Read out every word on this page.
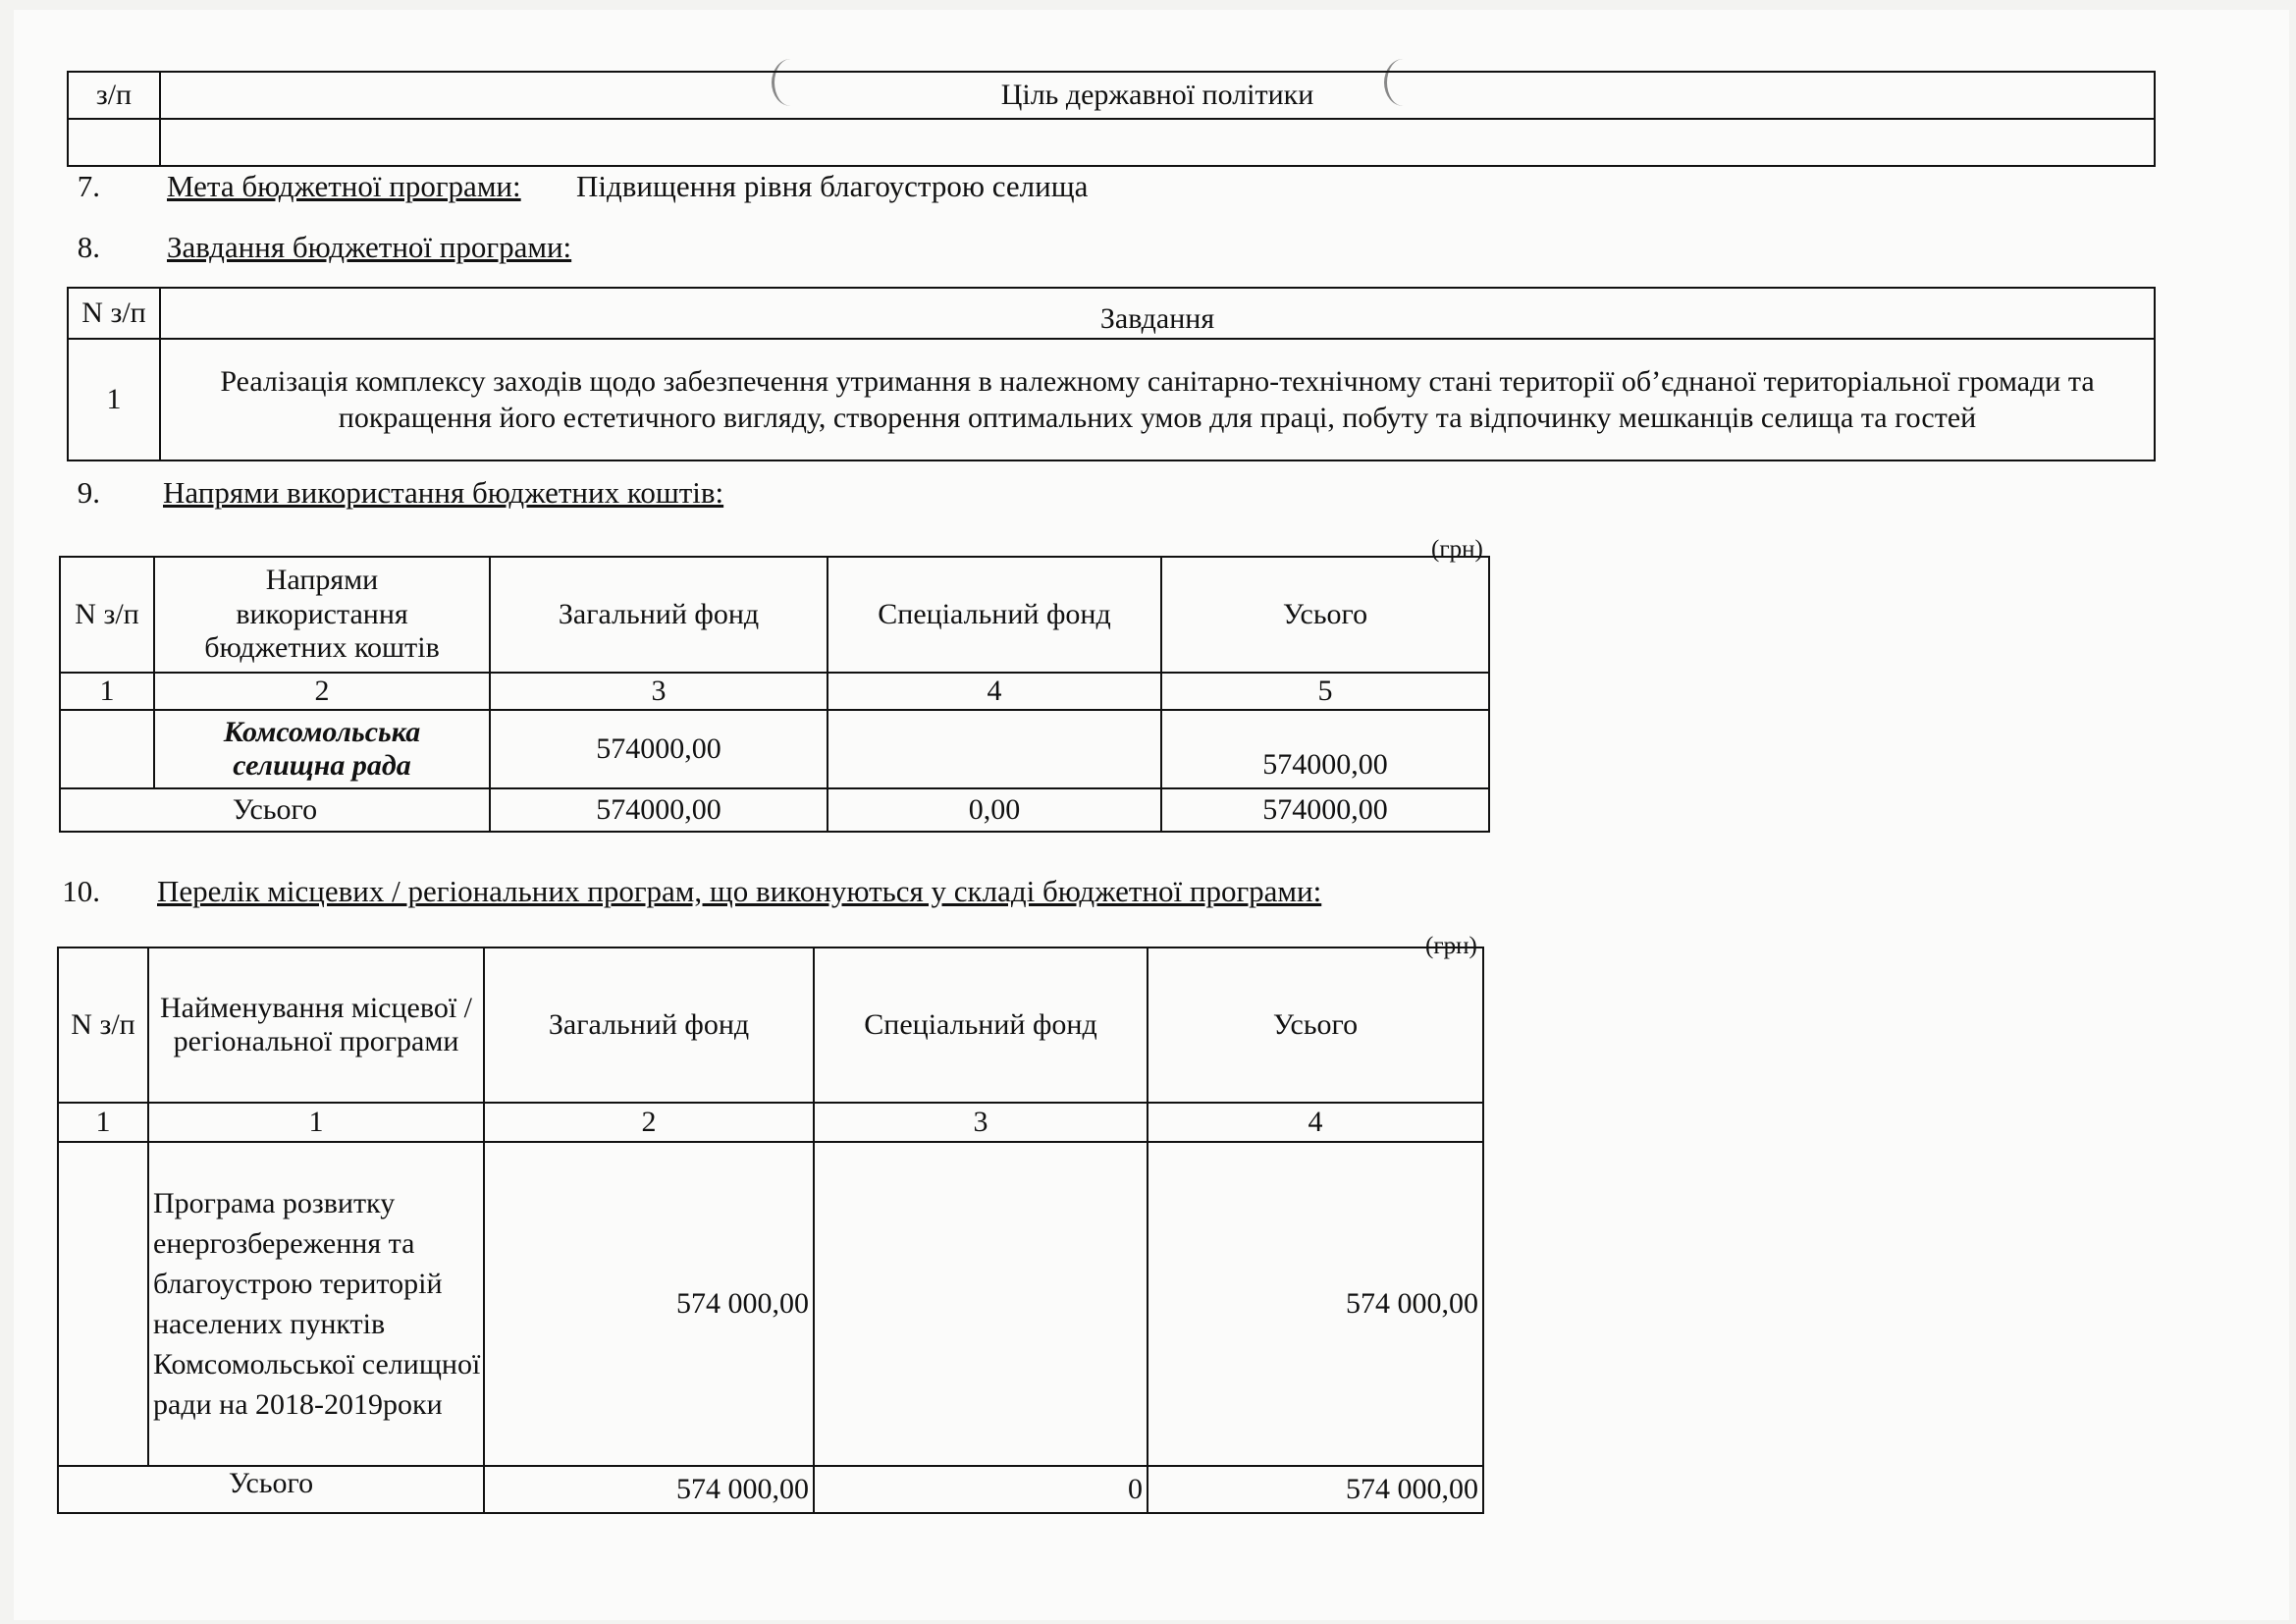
з/п	Ціль державної політики

7. Мета бюджетної програми: Підвищення рівня благоустрою селища
8. Завдання бюджетної програми:
N з/п	Завдання
1	Реалізація комплексу заходів щодо забезпечення утримання в належному санітарно-технічному стані території об’єднаної територіальної громади та покращення його естетичного вигляду, створення оптимальних умов для праці, побуту та відпочинку мешканців селища та гостей
9. Напрями використання бюджетних коштів:
(грн)
N з/п	Напрями використання бюджетних коштів	Загальний фонд	Спеціальний фонд	Усього
1	2	3	4	5
	Комсомольська селищна рада	574000,00		574000,00
Усього		574000,00	0,00	574000,00
10. Перелік місцевих / регіональних програм, що виконуються у складі бюджетної програми:
(грн)
N з/п	Найменування місцевої / регіональної програми	Загальний фонд	Спеціальний фонд	Усього
1	1	2	3	4
	Програма розвитку енергозбереження та благоустрою територій населених пунктів Комсомольської селищної ради на 2018-2019роки	574 000,00		574 000,00
Усього		574 000,00	0	574 000,00
